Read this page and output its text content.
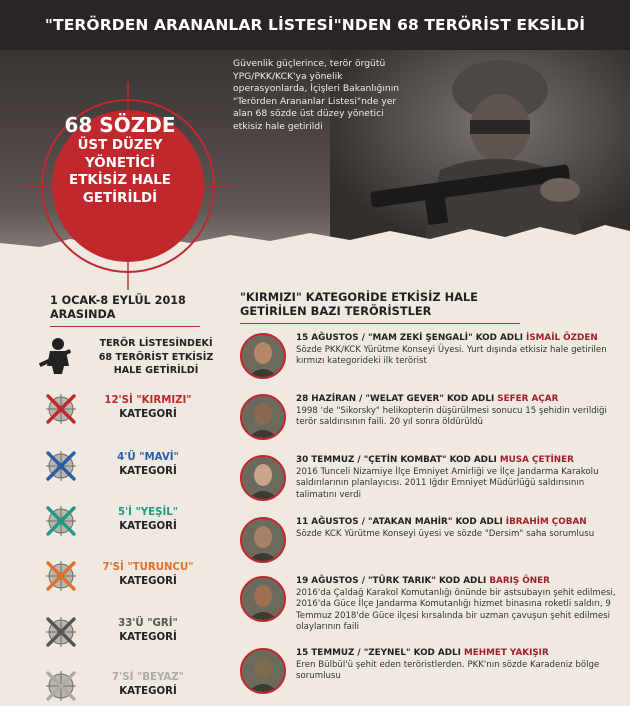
"TERÖRDEN ARANANLAR LİSTESİ"NDEN 68 TERÖRİST EKSİLDİ
Güvenlik güçlerince, terör örgütü YPG/PKK/KCK'ya yönelik operasyonlarda, İçişleri Bakanlığının "Terörden Arananlar Listesi"nde yer alan 68 sözde üst düzey yönetici etkisiz hale getirildi
68 SÖZDE
ÜST DÜZEY
YÖNETİCİ
ETKİSİZ HALE
GETİRİLDİ
1 OCAK-8 EYLÜL 2018
ARASINDA
"KIRMIZI" KATEGORİDE ETKİSİZ HALE
GETİRİLEN BAZI TERÖRİSTLER
TERÖR LİSTESİNDEKİ
68 TERÖRİST ETKİSİZ
HALE GETİRİLDİ
12'Sİ "KIRMIZI"
KATEGORİ
4'Ü "MAVİ"
KATEGORİ
5'İ "YEŞİL"
KATEGORİ
7'Sİ "TURUNCU"
KATEGORİ
33'Ü "GRİ"
KATEGORİ
7'Sİ "BEYAZ"
KATEGORİ
15 AĞUSTOS / "MAM ZEKİ ŞENGALİ" KOD ADLI İSMAİL ÖZDEN
Sözde PKK/KCK Yürütme Konseyi Üyesi. Yurt dışında etkisiz hale getirilen kırmızı kategorideki ilk terörist
28 HAZİRAN / "WELAT GEVER" KOD ADLI SEFER AÇAR
1998 'de "Sikorsky" helikopterin düşürülmesi sonucu 15 şehidin verildiği terör saldırısının faili. 20 yıl sonra öldürüldü
30 TEMMUZ / "ÇETİN KOMBAT" KOD ADLI MUSA ÇETİNER
2016 Tunceli Nizamiye İlçe Emniyet Amirliği ve İlçe Jandarma Karakolu saldırılarının planlayıcısı. 2011 Iğdır Emniyet Müdürlüğü saldırısının talimatını verdi
11 AĞUSTOS / "ATAKAN MAHİR" KOD ADLI İBRAHİM ÇOBAN
Sözde KCK Yürütme Konseyi üyesi ve sözde "Dersim" saha sorumlusu
19 AĞUSTOS / "TÜRK TARIK" KOD ADLI BARIŞ ÖNER
2016'da Çaldağ Karakol Komutanlığı önünde bir astsubayın şehit edilmesi, 2016'da Güce İlçe Jandarma Komutanlığı hizmet binasına roketli saldırı, 9 Temmuz 2018'de Güce ilçesi kırsalında bir uzman çavuşun şehit edilmesi olaylarının faili
15 TEMMUZ / "ZEYNEL" KOD ADLI MEHMET YAKIŞIR
Eren Bülbül'ü şehit eden teröristlerden. PKK'nın sözde Karadeniz bölge sorumlusu
